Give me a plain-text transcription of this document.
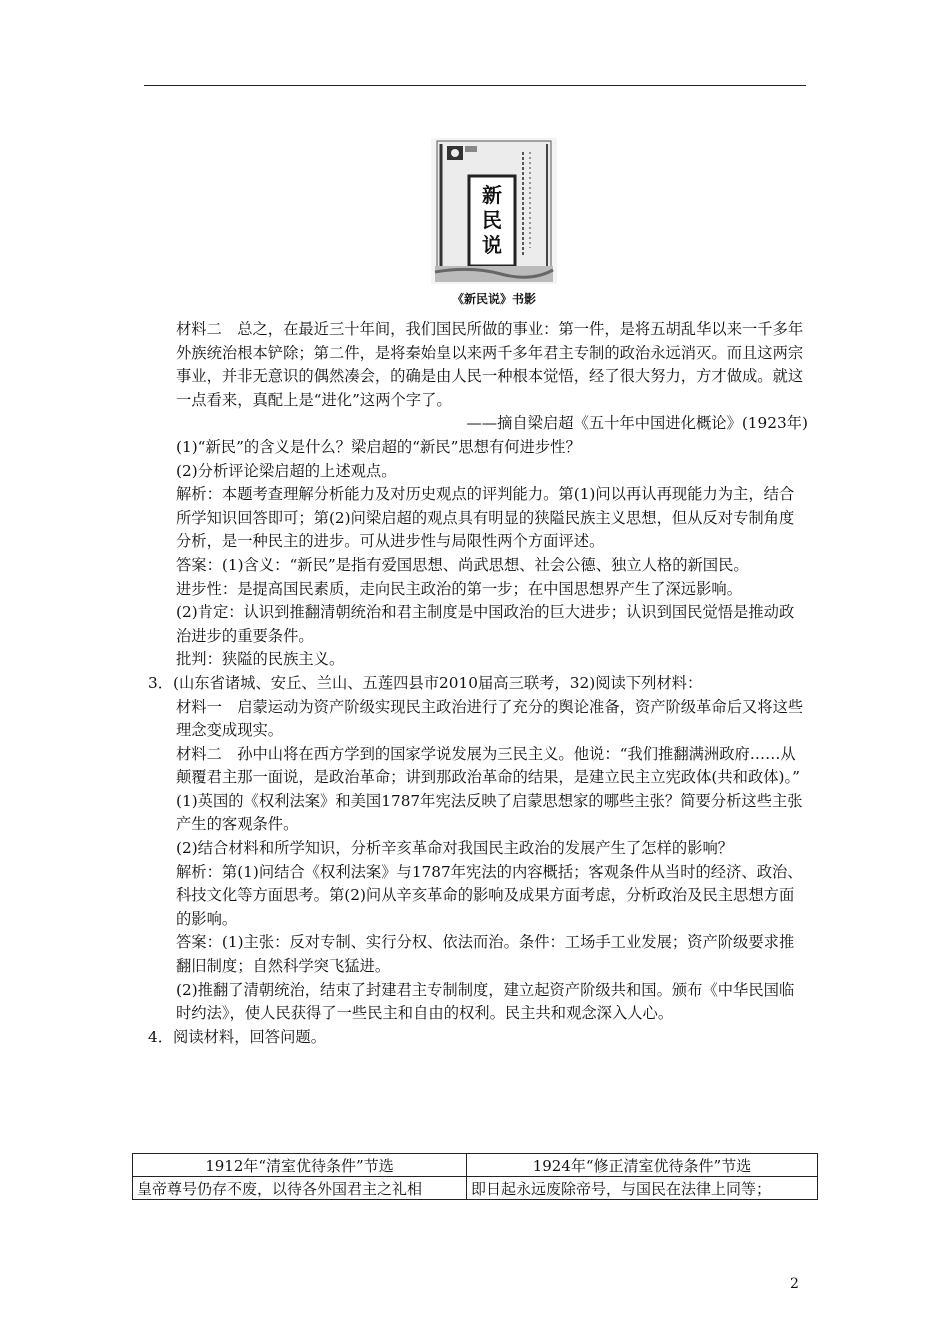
新
民
说
《新民说》书影

材料二　总之，在最近三十年间，我们国民所做的事业：第一件，是将五胡乱华以来一千多年外族统治根本铲除；第二件，是将秦始皇以来两千多年君主专制的政治永远消灭。而且这两宗事业，并非无意识的偶然凑会，的确是由人民一种根本觉悟，经了很大努力，方才做成。就这一点看来，真配上是“进化”这两个字了。

——摘自梁启超《五十年中国进化概论》(1923年)

(1)“新民”的含义是什么？梁启超的“新民”思想有何进步性？

(2)分析评论梁启超的上述观点。

解析：本题考查理解分析能力及对历史观点的评判能力。第(1)问以再认再现能力为主，结合所学知识回答即可；第(2)问梁启超的观点具有明显的狭隘民族主义思想，但从反对专制角度分析，是一种民主的进步。可从进步性与局限性两个方面评述。

答案：(1)含义：“新民”是指有爱国思想、尚武思想、社会公德、独立人格的新国民。

进步性：是提高国民素质，走向民主政治的第一步；在中国思想界产生了深远影响。

(2)肯定：认识到推翻清朝统治和君主制度是中国政治的巨大进步；认识到国民觉悟是推动政治进步的重要条件。

批判：狭隘的民族主义。

3．(山东省诸城、安丘、兰山、五莲四县市2010届高三联考，32)阅读下列材料：

材料一　启蒙运动为资产阶级实现民主政治进行了充分的舆论准备，资产阶级革命后又将这些理念变成现实。

材料二　孙中山将在西方学到的国家学说发展为三民主义。他说：“我们推翻满洲政府……从颠覆君主那一面说，是政治革命；讲到那政治革命的结果，是建立民主立宪政体(共和政体)。”

(1)英国的《权利法案》和美国1787年宪法反映了启蒙思想家的哪些主张？简要分析这些主张产生的客观条件。

(2)结合材料和所学知识，分析辛亥革命对我国民主政治的发展产生了怎样的影响？

解析：第(1)问结合《权利法案》与1787年宪法的内容概括；客观条件从当时的经济、政治、科技文化等方面思考。第(2)问从辛亥革命的影响及成果方面考虑，分析政治及民主思想方面的影响。

答案：(1)主张：反对专制、实行分权、依法而治。条件：工场手工业发展；资产阶级要求推翻旧制度；自然科学突飞猛进。

(2)推翻了清朝统治，结束了封建君主专制制度，建立起资产阶级共和国。颁布《中华民国临时约法》，使人民获得了一些民主和自由的权利。民主共和观念深入人心。

4．阅读材料，回答问题。

1912年“清室优待条件”节选	1924年“修正清室优待条件”节选
皇帝尊号仍存不废，以待各外国君主之礼相	即日起永远废除帝号，与国民在法律上同等；
2
